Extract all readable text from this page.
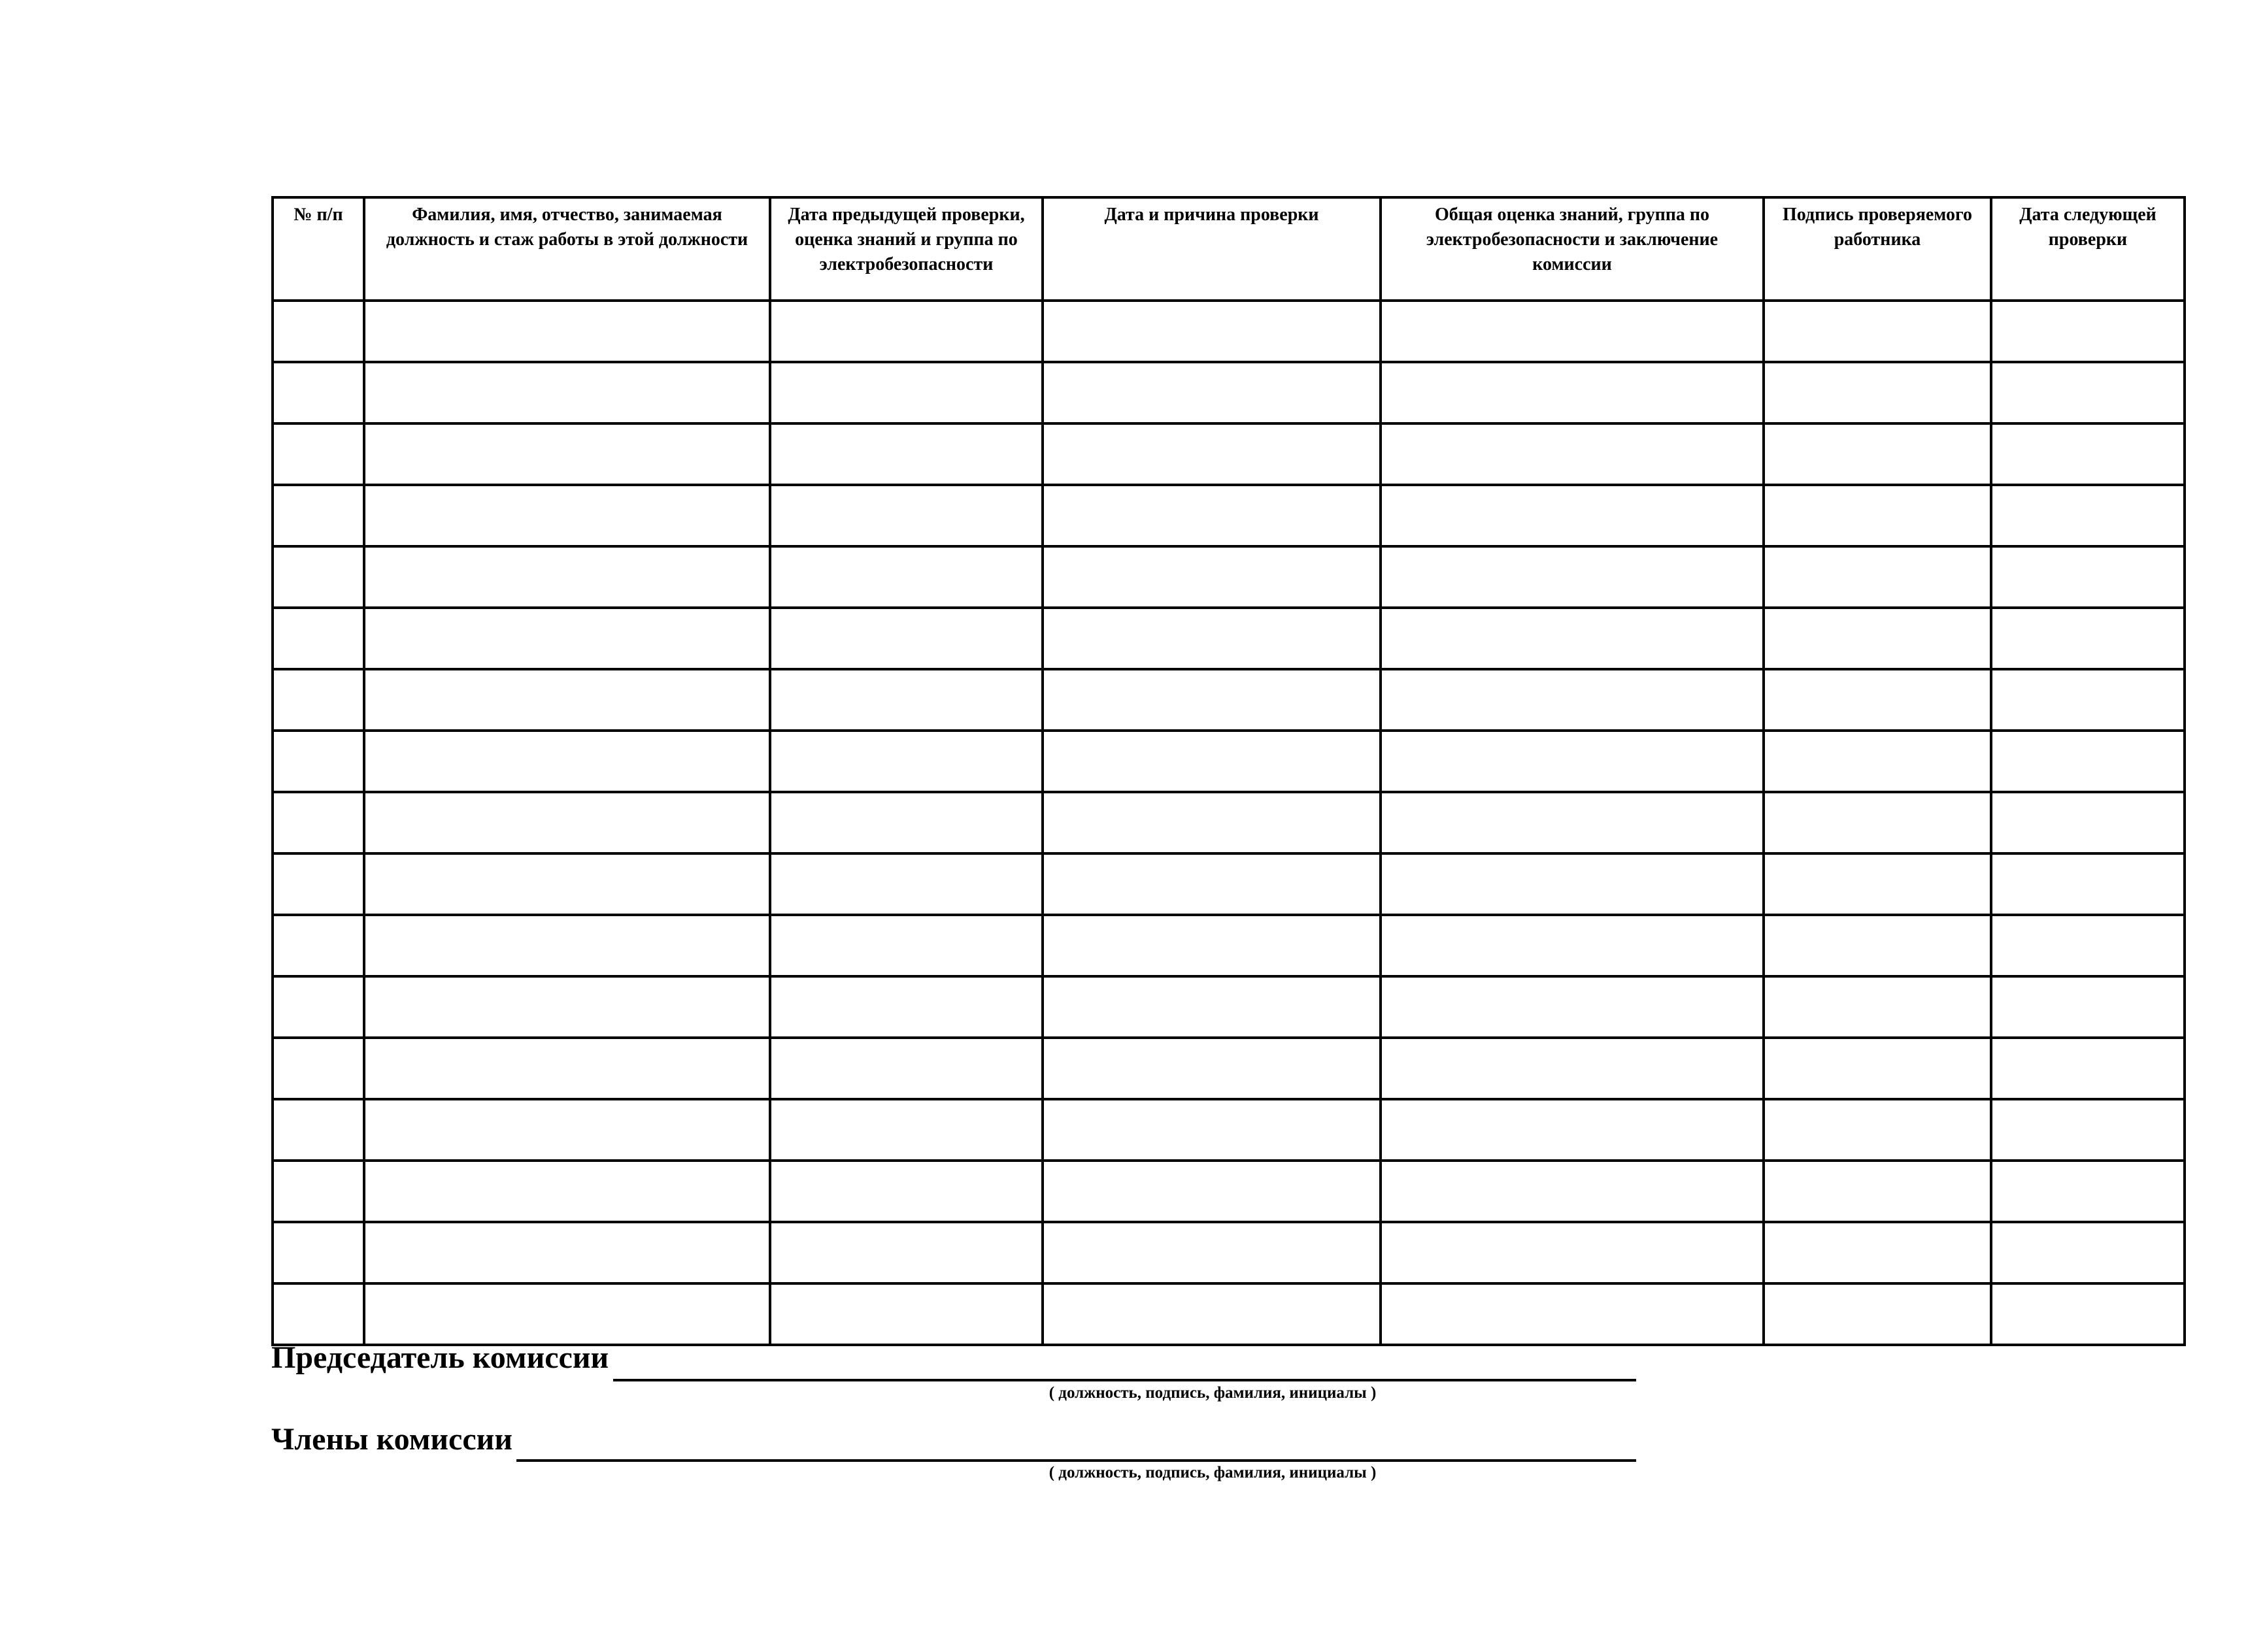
№ п/п	Фамилия, имя, отчество, занимаемая должность и стаж работы в этой должности	Дата предыдущей проверки, оценка знаний и группа по электробезопасности	Дата и причина проверки	Общая оценка знаний, группа по электробезопасности и заключение комиссии	Подпись проверяемого работника	Дата следующей проверки

Председатель комиссии
( должность, подпись, фамилия, инициалы )
Члены комиссии
( должность, подпись, фамилия, инициалы )
